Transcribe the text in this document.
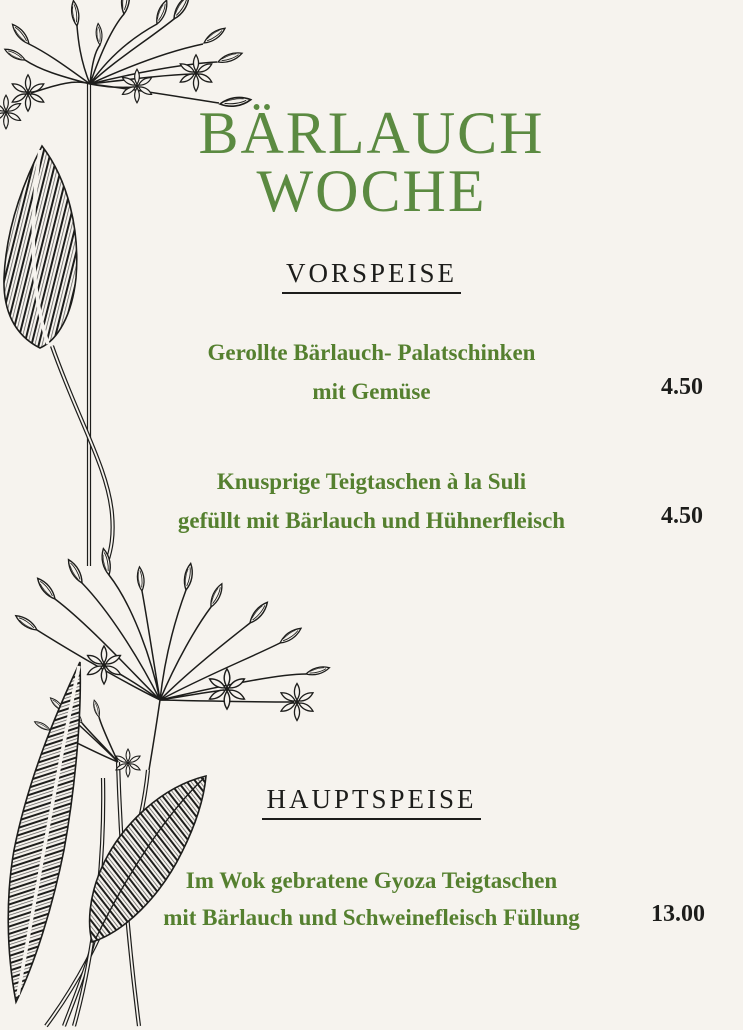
BÄRLAUCH
WOCHE
VORSPEISE
Gerollte Bärlauch- Palatschinken
mit Gemüse	4.50
Knusprige Teigtaschen à la Suli
gefüllt mit Bärlauch und Hühnerfleisch	4.50
HAUPTSPEISE
Im Wok gebratene Gyoza Teigtaschen
mit Bärlauch und Schweinefleisch Füllung	13.00
